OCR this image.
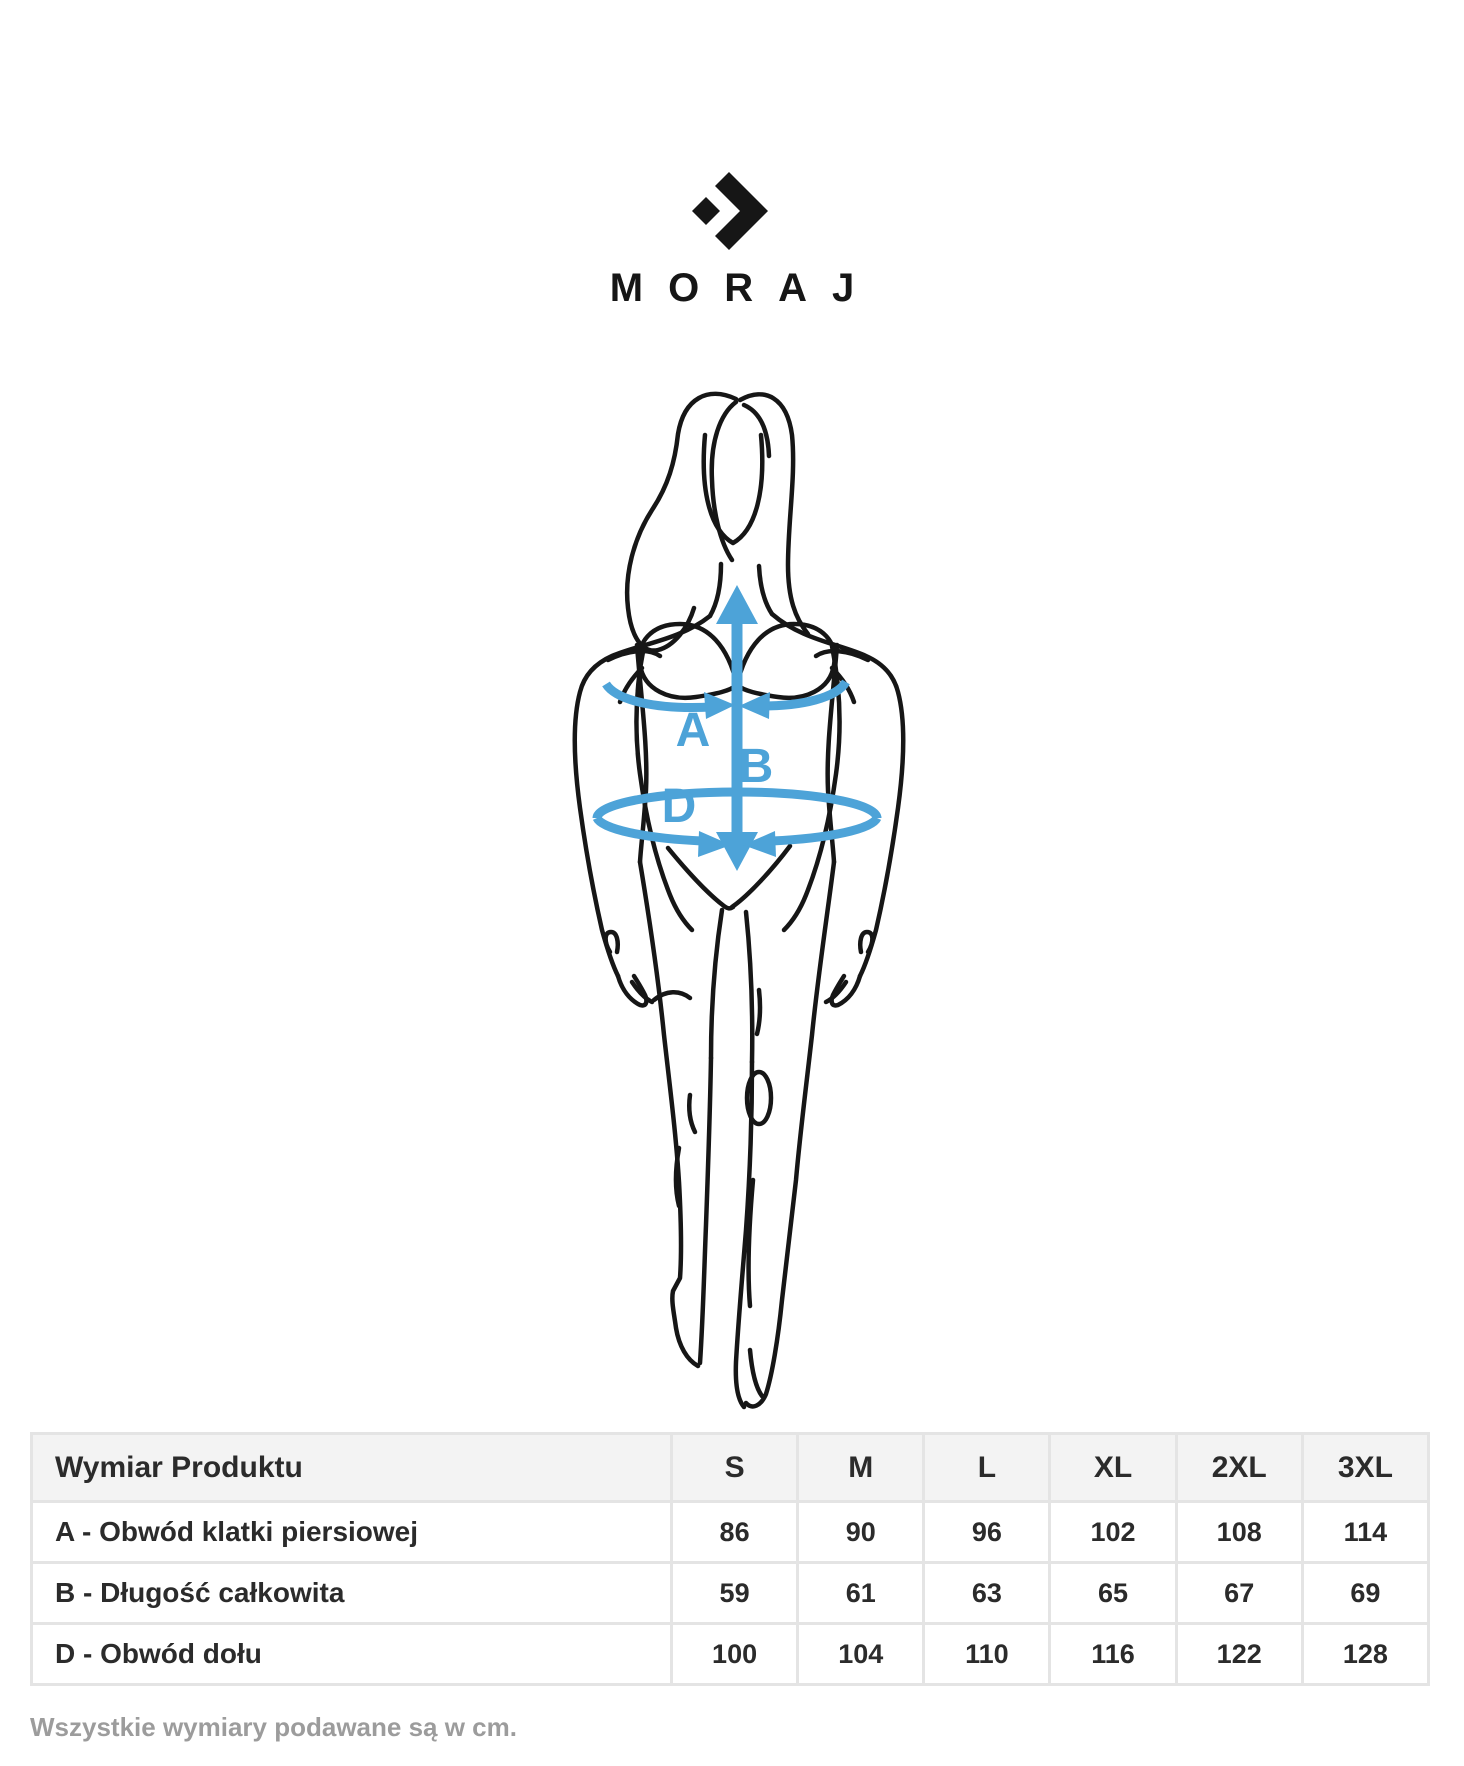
MORAJ
A
B
D
Wymiar Produktu	S	M	L	XL	2XL	3XL
A - Obwód klatki piersiowej	86	90	96	102	108	114
B - Długość całkowita	59	61	63	65	67	69
D - Obwód dołu	100	104	110	116	122	128
Wszystkie wymiary podawane są w cm.
